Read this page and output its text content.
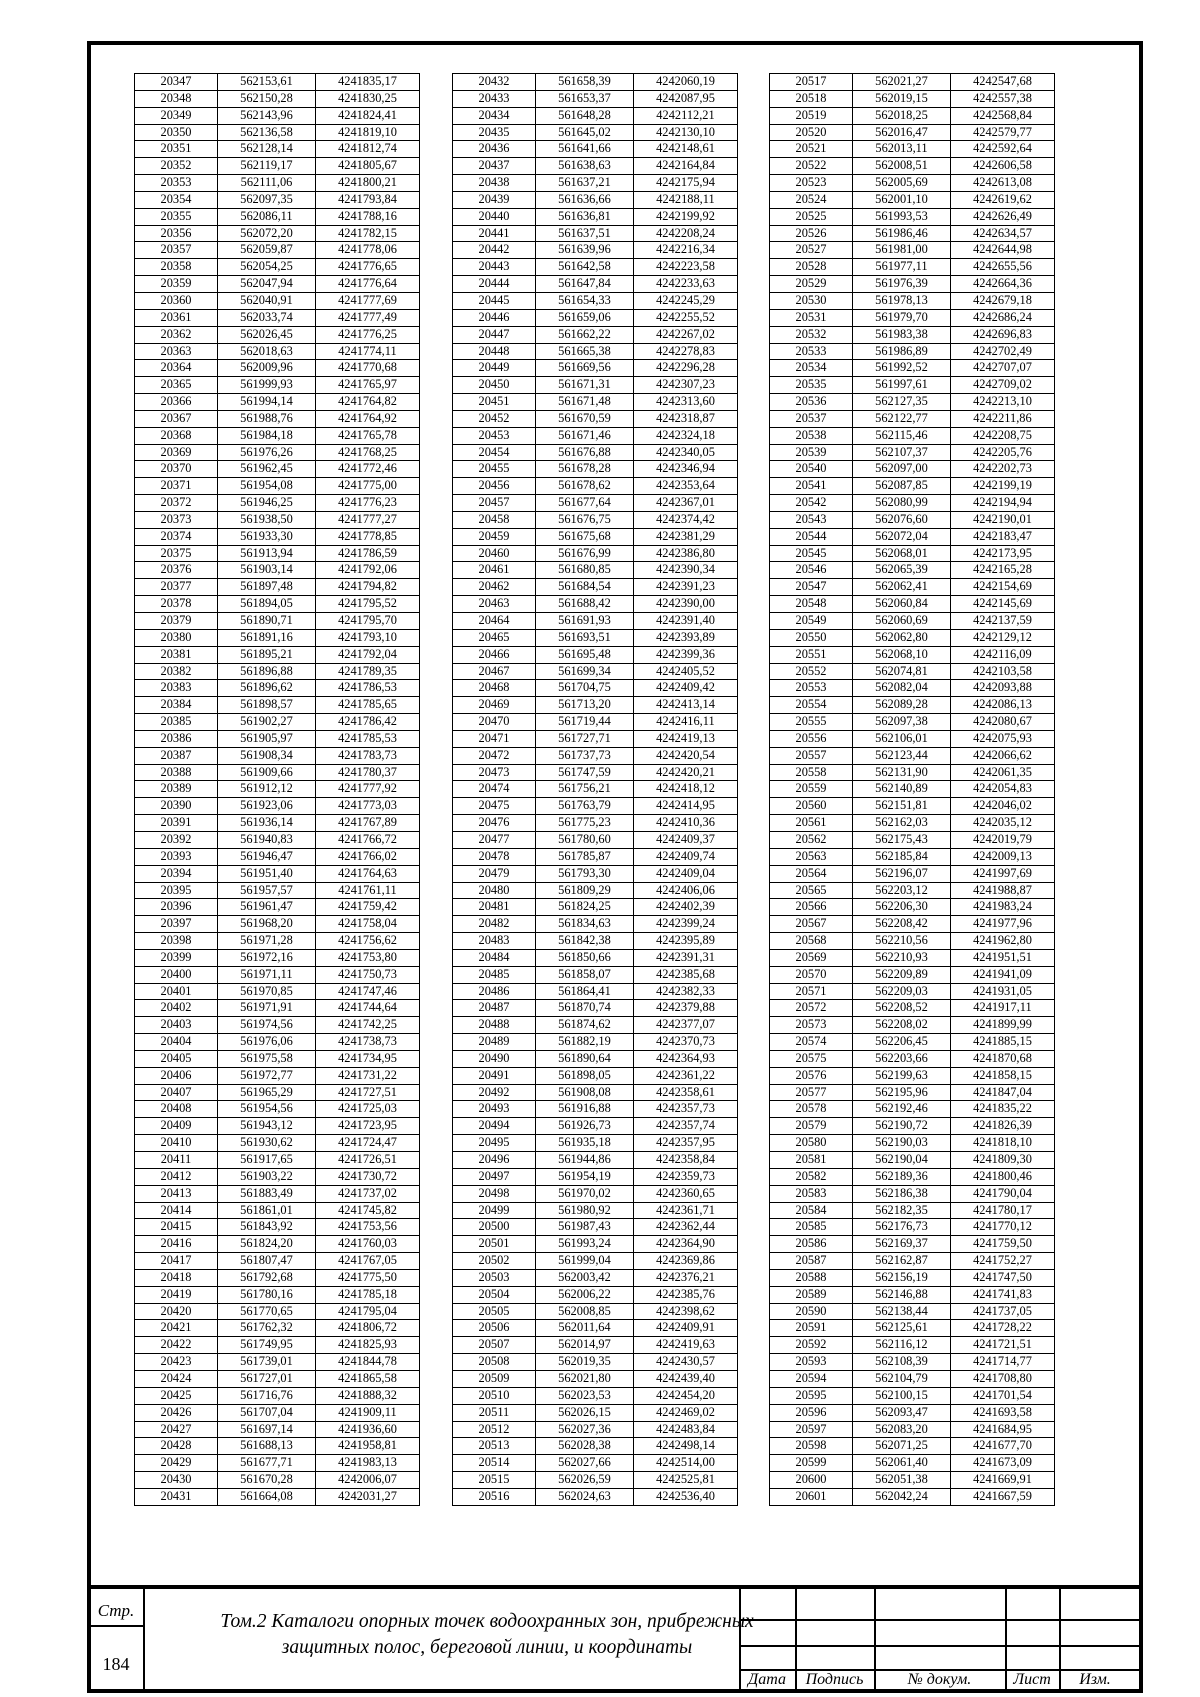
20347	562153,61	4241835,17
20348	562150,28	4241830,25
20349	562143,96	4241824,41
20350	562136,58	4241819,10
20351	562128,14	4241812,74
20352	562119,17	4241805,67
20353	562111,06	4241800,21
20354	562097,35	4241793,84
20355	562086,11	4241788,16
20356	562072,20	4241782,15
20357	562059,87	4241778,06
20358	562054,25	4241776,65
20359	562047,94	4241776,64
20360	562040,91	4241777,69
20361	562033,74	4241777,49
20362	562026,45	4241776,25
20363	562018,63	4241774,11
20364	562009,96	4241770,68
20365	561999,93	4241765,97
20366	561994,14	4241764,82
20367	561988,76	4241764,92
20368	561984,18	4241765,78
20369	561976,26	4241768,25
20370	561962,45	4241772,46
20371	561954,08	4241775,00
20372	561946,25	4241776,23
20373	561938,50	4241777,27
20374	561933,30	4241778,85
20375	561913,94	4241786,59
20376	561903,14	4241792,06
20377	561897,48	4241794,82
20378	561894,05	4241795,52
20379	561890,71	4241795,70
20380	561891,16	4241793,10
20381	561895,21	4241792,04
20382	561896,88	4241789,35
20383	561896,62	4241786,53
20384	561898,57	4241785,65
20385	561902,27	4241786,42
20386	561905,97	4241785,53
20387	561908,34	4241783,73
20388	561909,66	4241780,37
20389	561912,12	4241777,92
20390	561923,06	4241773,03
20391	561936,14	4241767,89
20392	561940,83	4241766,72
20393	561946,47	4241766,02
20394	561951,40	4241764,63
20395	561957,57	4241761,11
20396	561961,47	4241759,42
20397	561968,20	4241758,04
20398	561971,28	4241756,62
20399	561972,16	4241753,80
20400	561971,11	4241750,73
20401	561970,85	4241747,46
20402	561971,91	4241744,64
20403	561974,56	4241742,25
20404	561976,06	4241738,73
20405	561975,58	4241734,95
20406	561972,77	4241731,22
20407	561965,29	4241727,51
20408	561954,56	4241725,03
20409	561943,12	4241723,95
20410	561930,62	4241724,47
20411	561917,65	4241726,51
20412	561903,22	4241730,72
20413	561883,49	4241737,02
20414	561861,01	4241745,82
20415	561843,92	4241753,56
20416	561824,20	4241760,03
20417	561807,47	4241767,05
20418	561792,68	4241775,50
20419	561780,16	4241785,18
20420	561770,65	4241795,04
20421	561762,32	4241806,72
20422	561749,95	4241825,93
20423	561739,01	4241844,78
20424	561727,01	4241865,58
20425	561716,76	4241888,32
20426	561707,04	4241909,11
20427	561697,14	4241936,60
20428	561688,13	4241958,81
20429	561677,71	4241983,13
20430	561670,28	4242006,07
20431	561664,08	4242031,27
20432	561658,39	4242060,19
20433	561653,37	4242087,95
20434	561648,28	4242112,21
20435	561645,02	4242130,10
20436	561641,66	4242148,61
20437	561638,63	4242164,84
20438	561637,21	4242175,94
20439	561636,66	4242188,11
20440	561636,81	4242199,92
20441	561637,51	4242208,24
20442	561639,96	4242216,34
20443	561642,58	4242223,58
20444	561647,84	4242233,63
20445	561654,33	4242245,29
20446	561659,06	4242255,52
20447	561662,22	4242267,02
20448	561665,38	4242278,83
20449	561669,56	4242296,28
20450	561671,31	4242307,23
20451	561671,48	4242313,60
20452	561670,59	4242318,87
20453	561671,46	4242324,18
20454	561676,88	4242340,05
20455	561678,28	4242346,94
20456	561678,62	4242353,64
20457	561677,64	4242367,01
20458	561676,75	4242374,42
20459	561675,68	4242381,29
20460	561676,99	4242386,80
20461	561680,85	4242390,34
20462	561684,54	4242391,23
20463	561688,42	4242390,00
20464	561691,93	4242391,40
20465	561693,51	4242393,89
20466	561695,48	4242399,36
20467	561699,34	4242405,52
20468	561704,75	4242409,42
20469	561713,20	4242413,14
20470	561719,44	4242416,11
20471	561727,71	4242419,13
20472	561737,73	4242420,54
20473	561747,59	4242420,21
20474	561756,21	4242418,12
20475	561763,79	4242414,95
20476	561775,23	4242410,36
20477	561780,60	4242409,37
20478	561785,87	4242409,74
20479	561793,30	4242409,04
20480	561809,29	4242406,06
20481	561824,25	4242402,39
20482	561834,63	4242399,24
20483	561842,38	4242395,89
20484	561850,66	4242391,31
20485	561858,07	4242385,68
20486	561864,41	4242382,33
20487	561870,74	4242379,88
20488	561874,62	4242377,07
20489	561882,19	4242370,73
20490	561890,64	4242364,93
20491	561898,05	4242361,22
20492	561908,08	4242358,61
20493	561916,88	4242357,73
20494	561926,73	4242357,74
20495	561935,18	4242357,95
20496	561944,86	4242358,84
20497	561954,19	4242359,73
20498	561970,02	4242360,65
20499	561980,92	4242361,71
20500	561987,43	4242362,44
20501	561993,24	4242364,90
20502	561999,04	4242369,86
20503	562003,42	4242376,21
20504	562006,22	4242385,76
20505	562008,85	4242398,62
20506	562011,64	4242409,91
20507	562014,97	4242419,63
20508	562019,35	4242430,57
20509	562021,80	4242439,40
20510	562023,53	4242454,20
20511	562026,15	4242469,02
20512	562027,36	4242483,84
20513	562028,38	4242498,14
20514	562027,66	4242514,00
20515	562026,59	4242525,81
20516	562024,63	4242536,40
20517	562021,27	4242547,68
20518	562019,15	4242557,38
20519	562018,25	4242568,84
20520	562016,47	4242579,77
20521	562013,11	4242592,64
20522	562008,51	4242606,58
20523	562005,69	4242613,08
20524	562001,10	4242619,62
20525	561993,53	4242626,49
20526	561986,46	4242634,57
20527	561981,00	4242644,98
20528	561977,11	4242655,56
20529	561976,39	4242664,36
20530	561978,13	4242679,18
20531	561979,70	4242686,24
20532	561983,38	4242696,83
20533	561986,89	4242702,49
20534	561992,52	4242707,07
20535	561997,61	4242709,02
20536	562127,35	4242213,10
20537	562122,77	4242211,86
20538	562115,46	4242208,75
20539	562107,37	4242205,76
20540	562097,00	4242202,73
20541	562087,85	4242199,19
20542	562080,99	4242194,94
20543	562076,60	4242190,01
20544	562072,04	4242183,47
20545	562068,01	4242173,95
20546	562065,39	4242165,28
20547	562062,41	4242154,69
20548	562060,84	4242145,69
20549	562060,69	4242137,59
20550	562062,80	4242129,12
20551	562068,10	4242116,09
20552	562074,81	4242103,58
20553	562082,04	4242093,88
20554	562089,28	4242086,13
20555	562097,38	4242080,67
20556	562106,01	4242075,93
20557	562123,44	4242066,62
20558	562131,90	4242061,35
20559	562140,89	4242054,83
20560	562151,81	4242046,02
20561	562162,03	4242035,12
20562	562175,43	4242019,79
20563	562185,84	4242009,13
20564	562196,07	4241997,69
20565	562203,12	4241988,87
20566	562206,30	4241983,24
20567	562208,42	4241977,96
20568	562210,56	4241962,80
20569	562210,93	4241951,51
20570	562209,89	4241941,09
20571	562209,03	4241931,05
20572	562208,52	4241917,11
20573	562208,02	4241899,99
20574	562206,45	4241885,15
20575	562203,66	4241870,68
20576	562199,63	4241858,15
20577	562195,96	4241847,04
20578	562192,46	4241835,22
20579	562190,72	4241826,39
20580	562190,03	4241818,10
20581	562190,04	4241809,30
20582	562189,36	4241800,46
20583	562186,38	4241790,04
20584	562182,35	4241780,17
20585	562176,73	4241770,12
20586	562169,37	4241759,50
20587	562162,87	4241752,27
20588	562156,19	4241747,50
20589	562146,88	4241741,83
20590	562138,44	4241737,05
20591	562125,61	4241728,22
20592	562116,12	4241721,51
20593	562108,39	4241714,77
20594	562104,79	4241708,80
20595	562100,15	4241701,54
20596	562093,47	4241693,58
20597	562083,20	4241684,95
20598	562071,25	4241677,70
20599	562061,40	4241673,09
20600	562051,38	4241669,91
20601	562042,24	4241667,59
Стр.
184
Том.2 Каталоги опорных точек водоохранных зон, прибрежных
защитных полос, береговой линии, и координаты
Дата	Подпись	№ докум.	Лист	Изм.
